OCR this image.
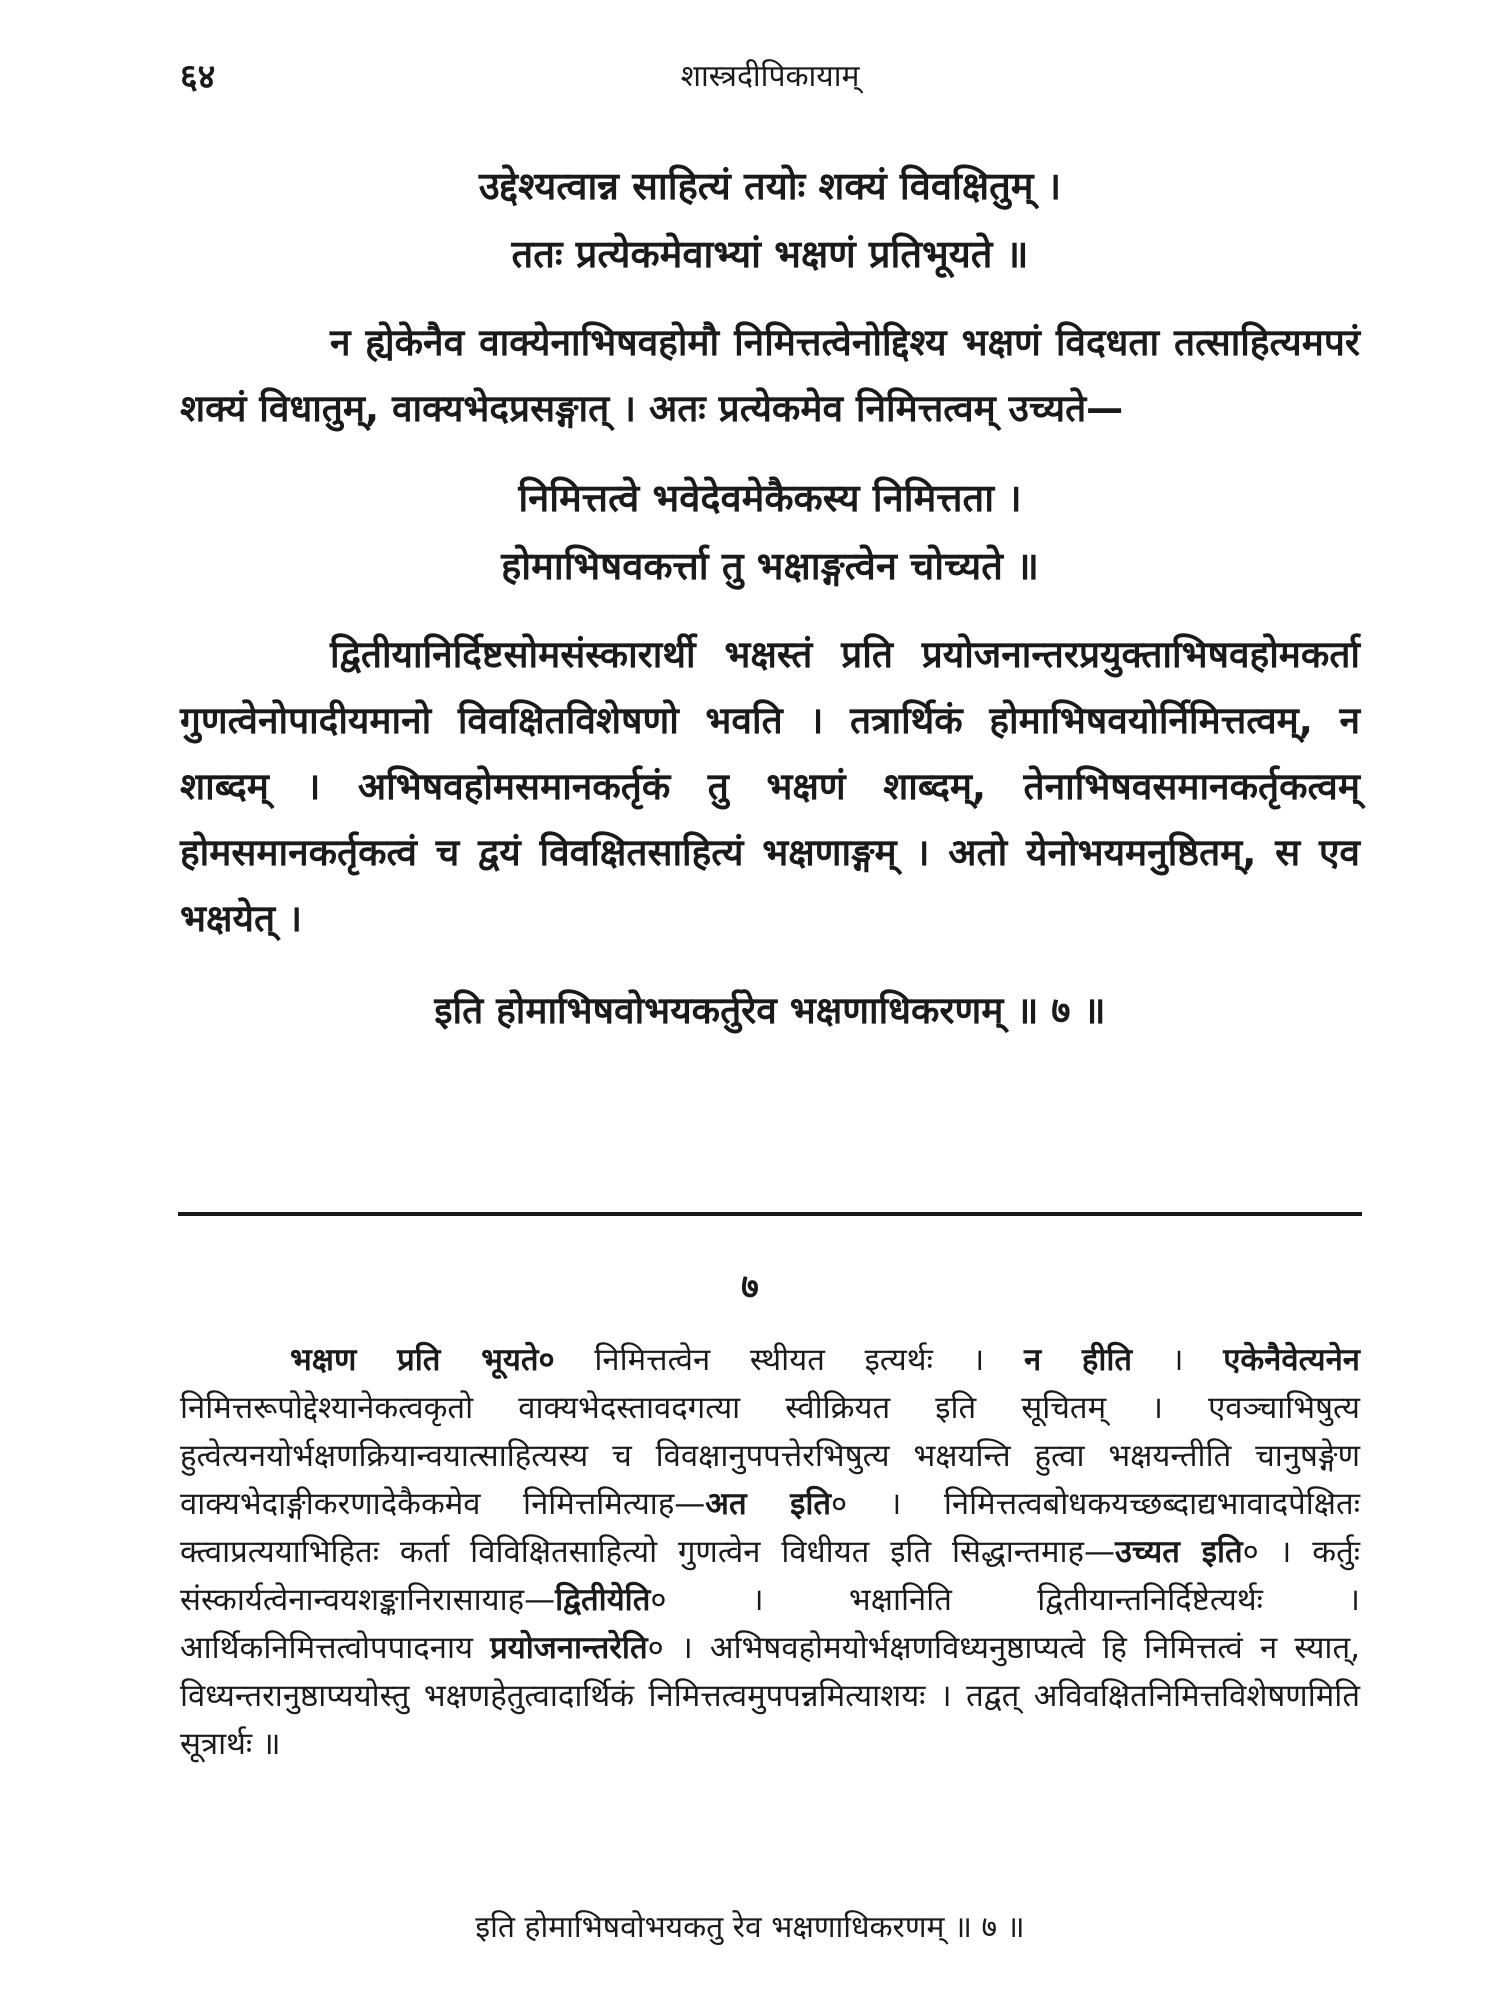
६४	शास्त्रदीपिकायाम्
उद्देश्यत्वान्न साहित्यं तयोः शक्यं विवक्षितुम् ।
ततः प्रत्येकमेवाभ्यां भक्षणं प्रतिभूयते ॥

न ह्येकेनैव वाक्येनाभिषवहोमौ निमित्तत्वेनोद्दिश्य भक्षणं विदधता तत्साहित्यमपरं शक्यं विधातुम्, वाक्यभेदप्रसङ्गात् । अतः प्रत्येकमेव निमित्तत्वम् उच्यते—

निमित्तत्वे भवेदेवमेकैकस्य निमित्तता ।
होमाभिषवकर्त्ता तु भक्षाङ्गत्वेन चोच्यते ॥

द्वितीयानिर्दिष्टसोमसंस्कारार्थी भक्षस्तं प्रति प्रयोजनान्तरप्रयुक्ताभिषवहोमकर्ता गुणत्वेनोपादीयमानो विवक्षितविशेषणो भवति । तत्रार्थिकं होमाभिषवयोर्निमित्तत्वम्, न शाब्दम् । अभिषवहोमसमानकर्तृकं तु भक्षणं शाब्दम्, तेनाभिषवसमानकर्तृकत्वम् होमसमानकर्तृकत्वं च द्वयं विवक्षितसाहित्यं भक्षणाङ्गम् । अतो येनोभयमनुष्ठितम्, स एव भक्षयेत् ।

इति होमाभिषवोभयकर्तुरेव भक्षणाधिकरणम् ॥ ७ ॥

७

भक्षण प्रति भूयते० निमित्तत्वेन स्थीयत इत्यर्थः । न हीति । एकेनैवेत्यनेन निमित्तरूपोद्देश्यानेकत्वकृतो वाक्यभेदस्तावदगत्या स्वीक्रियत इति सूचितम् । एवञ्चाभिषुत्य हुत्वेत्यनयोर्भक्षणक्रियान्वयात्साहित्यस्य च विवक्षानुपपत्तेरभिषुत्य भक्षयन्ति हुत्वा भक्षयन्तीति चानुषङ्गेण वाक्यभेदाङ्गीकरणादेकैकमेव निमित्तमित्याह—अत इति० । निमित्तत्वबोधकयच्छब्दाद्यभावादपेक्षितः क्त्वाप्रत्ययाभिहितः कर्ता विविक्षितसाहित्यो गुणत्वेन विधीयत इति सिद्धान्तमाह—उच्यत इति० । कर्तुः संस्कार्यत्वेनान्वयशङ्कानिरासायाह—द्वितीयेति० । भक्षानिति द्वितीयान्तनिर्दिष्टेत्यर्थः । आर्थिकनिमित्तत्वोपपादनाय प्रयोजनान्तरेति० । अभिषवहोमयोर्भक्षणविध्यनुष्ठाप्यत्वे हि निमित्तत्वं न स्यात्, विध्यन्तरानुष्ठाप्ययोस्तु भक्षणहेतुत्वादार्थिकं निमित्तत्वमुपपन्नमित्याशयः । तद्वत् अविवक्षितनिमित्तविशेषणमिति सूत्रार्थः ॥

इति होमाभिषवोभयकतु रेव भक्षणाधिकरणम् ॥ ७ ॥
